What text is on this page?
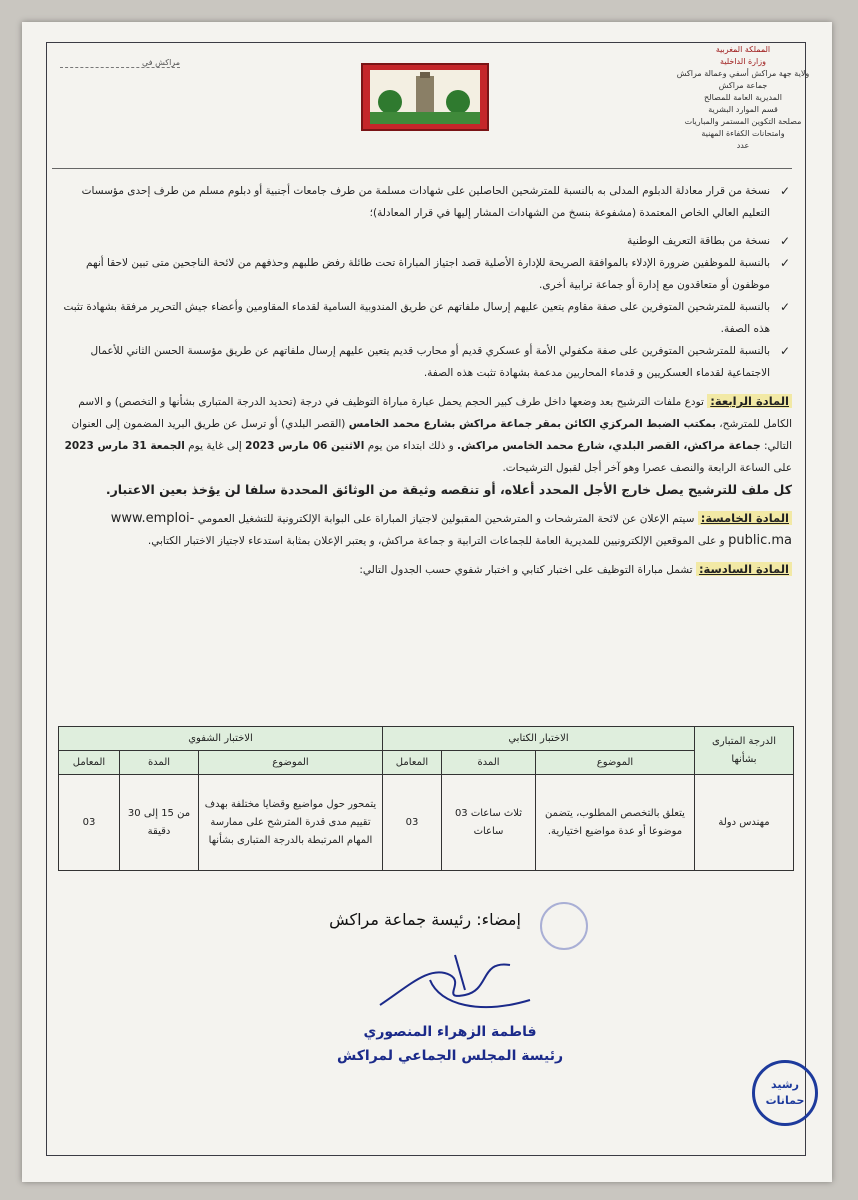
المملكة المغربية
وزارة الداخلية
ولاية جهة مراكش أسفي وعمالة مراكش
جماعة مراكش
المديرية العامة للمصالح
قسم الموارد البشرية
مصلحة التكوين المستمر والمباريات
وامتحانات الكفاءة المهنية
عدد
مراكش في

✓
نسخة من قرار معادلة الدبلوم المدلى به بالنسبة للمترشحين الحاصلين على شهادات مسلمة من طرف جامعات أجنبية أو دبلوم مسلم من طرف إحدى مؤسسات التعليم العالي الخاص المعتمدة (مشفوعة بنسخ من الشهادات المشار إليها في قرار المعادلة)؛

✓
نسخة من بطاقة التعريف الوطنية

✓
بالنسبة للموظفين ضرورة الإدلاء بالموافقة الصريحة للإدارة الأصلية قصد اجتياز المباراة تحت طائلة رفض طلبهم وحذفهم من لائحة الناجحين متى تبين لاحقا أنهم موظفون أو متعاقدون مع إدارة أو جماعة ترابية أخرى.

✓
بالنسبة للمترشحين المتوفرين على صفة مقاوم يتعين عليهم إرسال ملفاتهم عن طريق المندوبية السامية لقدماء المقاومين وأعضاء جيش التحرير مرفقة بشهادة تثبت هذه الصفة.

✓
بالنسبة للمترشحين المتوفرين على صفة مكفولي الأمة أو عسكري قديم أو محارب قديم يتعين عليهم إرسال ملفاتهم عن طريق مؤسسة الحسن الثاني للأعمال الاجتماعية لقدماء العسكريين و قدماء المحاربين مدعمة بشهادة تثبت هذه الصفة.

المادة الرابعة: تودع ملفات الترشيح بعد وضعها داخل طرف كبير الحجم يحمل عبارة مباراة التوظيف في درجة (تحديد الدرجة المتبارى بشأنها و التخصص) و الاسم الكامل للمترشح، بمكتب الضبط المركزي الكائن بمقر جماعة مراكش بشارع محمد الخامس (القصر البلدي) أو ترسل عن طريق البريد المضمون إلى العنوان التالي: جماعة مراكش، القصر البلدي، شارع محمد الخامس مراكش. و ذلك ابتداء من يوم الاثنين 06 مارس 2023 إلى غاية يوم الجمعة 31 مارس 2023 على الساعة الرابعة والنصف عصرا وهو آخر أجل لقبول الترشيحات.

كل ملف للترشيح يصل خارج الأجل المحدد أعلاه، أو تنقصه وثيقة من الوثائق المحددة سلفا لن يؤخذ بعين الاعتبار.

المادة الخامسة: سيتم الإعلان عن لائحة المترشحات و المترشحين المقبولين لاجتياز المباراة على البوابة الإلكترونية للتشغيل العمومي www.emploi-public.ma و على الموقعين الإلكترونيين للمديرية العامة للجماعات الترابية و جماعة مراكش، و يعتبر الإعلان بمثابة استدعاء لاجتياز الاختبار الكتابي.

المادة السادسة: تشمل مباراة التوظيف على اختبار كتابي و اختبار شفوي حسب الجدول التالي:

الدرجة المتبارى بشأنها	الاختبار الكتابي			الاختبار الشفوي		
	الموضوع	المدة	المعامل	الموضوع	المدة	المعامل
مهندس دولة	يتعلق بالتخصص المطلوب، يتضمن موضوعا أو عدة مواضيع اختيارية.	ثلاث ساعات 03 ساعات	03	يتمحور حول مواضيع وقضايا مختلفة بهدف تقييم مدى قدرة المترشح على ممارسة المهام المرتبطة بالدرجة المتبارى بشأنها	من 15 إلى 30 دقيقة	03
إمضاء: رئيسة جماعة مراكش
فاطمة الزهراء المنصوري
رئيسة المجلس الجماعي لمراكش
رشيد
حمانات
